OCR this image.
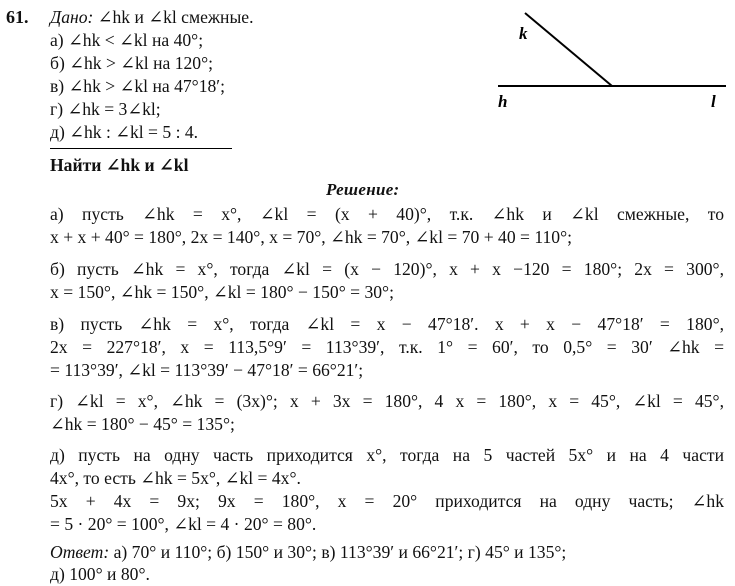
61. Дано: ∠hk и ∠kl смежные.
а) ∠hk < ∠kl на 40°;
б) ∠hk > ∠kl на 120°;
в) ∠hk > ∠kl на 47°18′;
г) ∠hk = 3∠kl;
д) ∠hk : ∠kl = 5 : 4.
Найти ∠hk и ∠kl
k
h	l
Решение:
а) пусть ∠hk = x°, ∠kl = (x + 40)°, т.к. ∠hk и ∠kl смежные, то
x + x + 40° = 180°, 2x = 140°, x = 70°, ∠hk = 70°, ∠kl = 70 + 40 = 110°;
б) пусть ∠hk = x°, тогда ∠kl = (x − 120)°, x + x −120 = 180°; 2x = 300°,
x = 150°, ∠hk = 150°, ∠kl = 180° − 150° = 30°;
в) пусть ∠hk = x°, тогда ∠kl = x − 47°18′. x + x − 47°18′ = 180°,
2x = 227°18′, x = 113,5°9′ = 113°39′, т.к. 1° = 60′, то 0,5° = 30′ ∠hk =
= 113°39′, ∠kl = 113°39′ − 47°18′ = 66°21′;
г) ∠kl = x°, ∠hk = (3x)°; x + 3x = 180°, 4 x = 180°, x = 45°, ∠kl = 45°,
∠hk = 180° − 45° = 135°;
д) пусть на одну часть приходится x°, тогда на 5 частей 5x° и на 4 части
4x°, то есть ∠hk = 5x°, ∠kl = 4x°.
5x + 4x = 9x; 9x = 180°, x = 20° приходится на одну часть; ∠hk
= 5 · 20° = 100°, ∠kl = 4 · 20° = 80°.
Ответ: а) 70° и 110°; б) 150° и 30°; в) 113°39′ и 66°21′; г) 45° и 135°;
д) 100° и 80°.
